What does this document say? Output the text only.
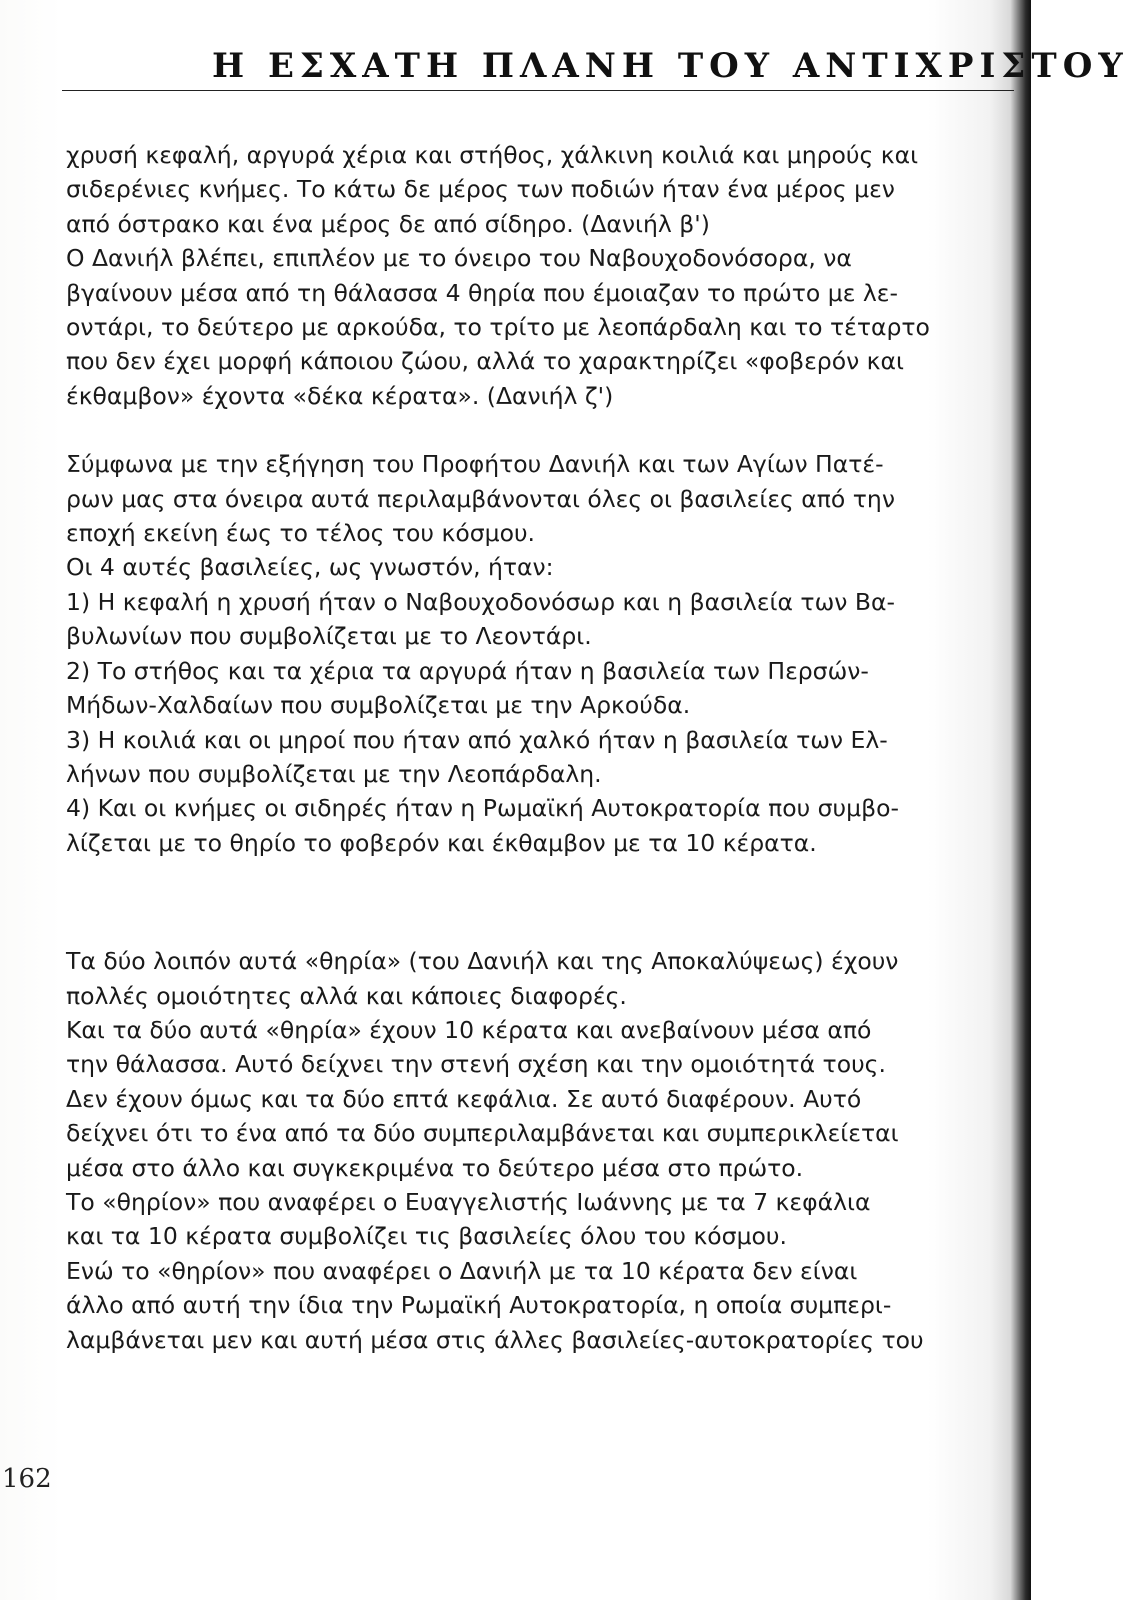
Η ΕΣΧΑΤΗ ΠΛΑΝΗ ΤΟΥ ΑΝΤΙΧΡΙΣΤΟΥ
χρυσή κεφαλή, αργυρά χέρια και στήθος, χάλκινη κοιλιά και μηρούς και
σιδερένιες κνήμες. Το κάτω δε μέρος των ποδιών ήταν ένα μέρος μεν
από όστρακο και ένα μέρος δε από σίδηρο. (Δανιήλ β')
Ο Δανιήλ βλέπει, επιπλέον με το όνειρο του Ναβουχοδονόσορα, να
βγαίνουν μέσα από τη θάλασσα 4 θηρία που έμοιαζαν το πρώτο με λε-
οντάρι, το δεύτερο με αρκούδα, το τρίτο με λεοπάρδαλη και το τέταρτο
που δεν έχει μορφή κάποιου ζώου, αλλά το χαρακτηρίζει «φοβερόν και
έκθαμβον» έχοντα «δέκα κέρατα». (Δανιήλ ζ')
Σύμφωνα με την εξήγηση του Προφήτου Δανιήλ και των Αγίων Πατέ-
ρων μας στα όνειρα αυτά περιλαμβάνονται όλες οι βασιλείες από την
εποχή εκείνη έως το τέλος του κόσμου.
Οι 4 αυτές βασιλείες, ως γνωστόν, ήταν:
1) Η κεφαλή η χρυσή ήταν ο Ναβουχοδονόσωρ και η βασιλεία των Βα-
βυλωνίων που συμβολίζεται με το Λεοντάρι.
2) Το στήθος και τα χέρια τα αργυρά ήταν η βασιλεία των Περσών-
Μήδων-Χαλδαίων που συμβολίζεται με την Αρκούδα.
3) Η κοιλιά και οι μηροί που ήταν από χαλκό ήταν η βασιλεία των Ελ-
λήνων που συμβολίζεται με την Λεοπάρδαλη.
4) Και οι κνήμες οι σιδηρές ήταν η Ρωμαϊκή Αυτοκρατορία που συμβο-
λίζεται με το θηρίο το φοβερόν και έκθαμβον με τα 10 κέρατα.
Τα δύο λοιπόν αυτά «θηρία» (του Δανιήλ και της Αποκαλύψεως) έχουν
πολλές ομοιότητες αλλά και κάποιες διαφορές.
Και τα δύο αυτά «θηρία» έχουν 10 κέρατα και ανεβαίνουν μέσα από
την θάλασσα. Αυτό δείχνει την στενή σχέση και την ομοιότητά τους.
Δεν έχουν όμως και τα δύο επτά κεφάλια. Σε αυτό διαφέρουν. Αυτό
δείχνει ότι το ένα από τα δύο συμπεριλαμβάνεται και συμπερικλείεται
μέσα στο άλλο και συγκεκριμένα το δεύτερο μέσα στο πρώτο.
Το «θηρίον» που αναφέρει ο Ευαγγελιστής Ιωάννης με τα 7 κεφάλια
και τα 10 κέρατα συμβολίζει τις βασιλείες όλου του κόσμου.
Ενώ το «θηρίον» που αναφέρει ο Δανιήλ με τα 10 κέρατα δεν είναι
άλλο από αυτή την ίδια την Ρωμαϊκή Αυτοκρατορία, η οποία συμπερι-
λαμβάνεται μεν και αυτή μέσα στις άλλες βασιλείες-αυτοκρατορίες του
162
